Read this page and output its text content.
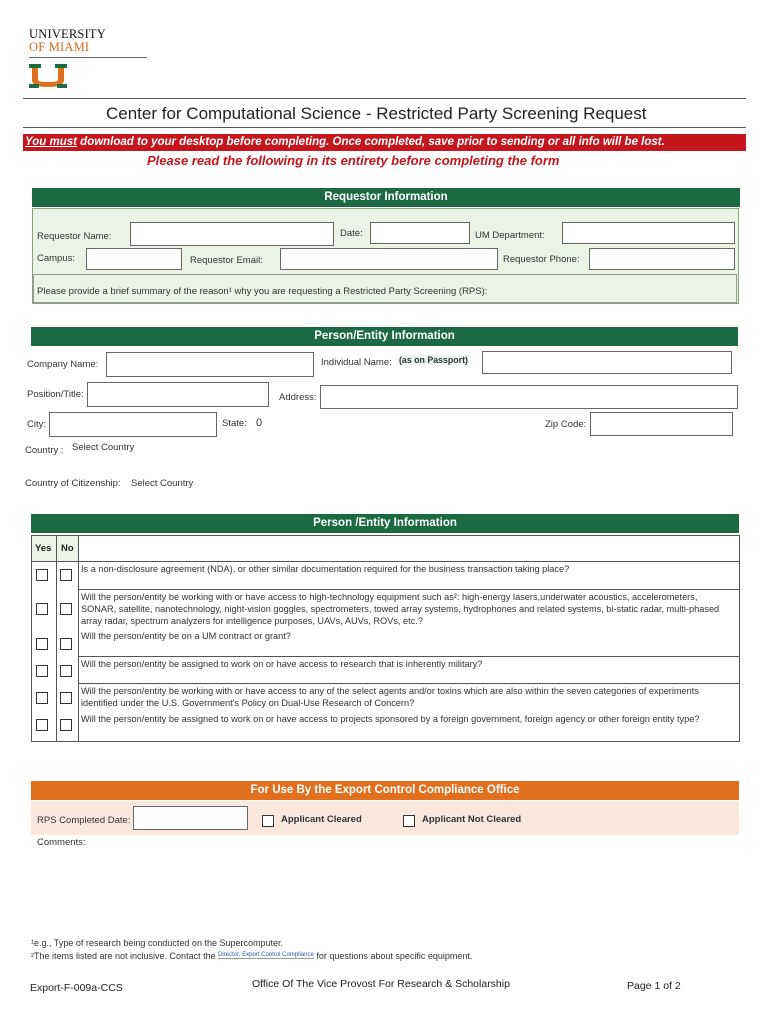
UNIVERSITY
OF MIAMI
Center for Computational Science - Restricted Party Screening Request
You must download to your desktop before completing. Once completed, save prior to sending or all info will be lost.
Please read the following in its entirety before completing the form
Requestor Information
Requestor Name:	Date:	UM Department:
Campus:	Requestor Email:	Requestor Phone:
Please provide a brief summary of the reason¹ why you are requesting a Restricted Party Screening (RPS):
Person/Entity Information
Company Name:	Individual Name: (as on Passport)
Position/Title:	Address:
City:	State: 0	Zip Code:
Country : Select Country
Country of Citizenship: Select Country
Person /Entity Information
Yes No
Is a non-disclosure agreement (NDA), or other similar documentation required for the business transaction taking place?
Will the person/entity be working with or have access to high-technology equipment such as²: high-energy lasers,underwater acoustics, accelerometers, SONAR, satellite, nanotechnology, night-vision goggles, spectrometers, towed array systems, hydrophones and related systems, bi-static radar, multi-phased array radar, spectrum analyzers for intelligence purposes, UAVs, AUVs, ROVs, etc.?
Will the person/entity be on a UM contract or grant?
Will the person/entity be assigned to work on or have access to research that is inherently military?
Will the person/entity be working with or have access to any of the select agents and/or toxins which are also within the seven categories of experiments identified under the U.S. Government's Policy on Dual-Use Research of Concern?
Will the person/entity be assigned to work on or have access to projects sponsored by a foreign government, foreign agency or other foreign entity type?
For Use By the Export Control Compliance Office
RPS Completed Date:	Applicant Cleared	Applicant Not Cleared
Comments:
¹e.g., Type of research being conducted on the Supercomputer.
²The items listed are not inclusive. Contact the $^{Director, Export Control Compliance}$ for questions about specific equipment.
Export-F-009a-CCS	Office Of The Vice Provost For Research & Scholarship	Page 1 of 2
